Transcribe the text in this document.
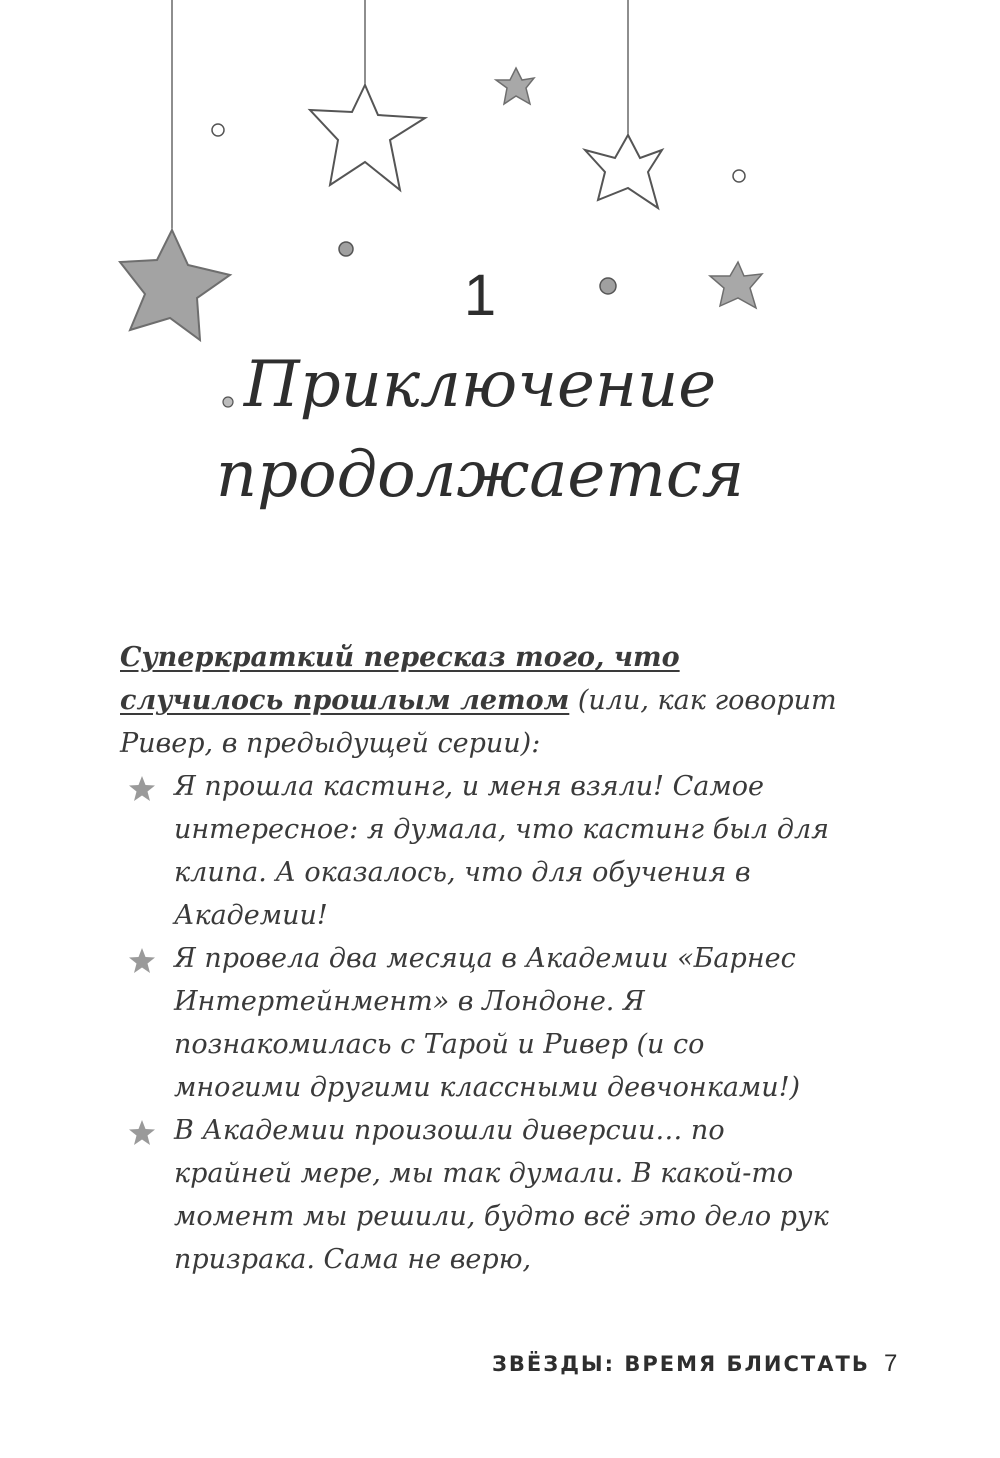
1
Приключение
продолжается
Суперкраткий пересказ того, что случилось прошлым летом (или, как говорит Ривер, в предыдущей серии):
Я прошла кастинг, и меня взяли! Самое интересное: я думала, что кастинг был для клипа. А оказалось, что для обучения в Академии!
Я провела два месяца в Академии «Барнес Интертейнмент» в Лондоне. Я познакомилась с Тарой и Ривер (и со многими другими классными девчонками!)
В Академии произошли диверсии… по крайней мере, мы так думали. В какой-то момент мы решили, будто всё это дело рук призрака. Сама не верю,
ЗВЁЗДЫ: ВРЕМЯ БЛИСТАТЬ 7
